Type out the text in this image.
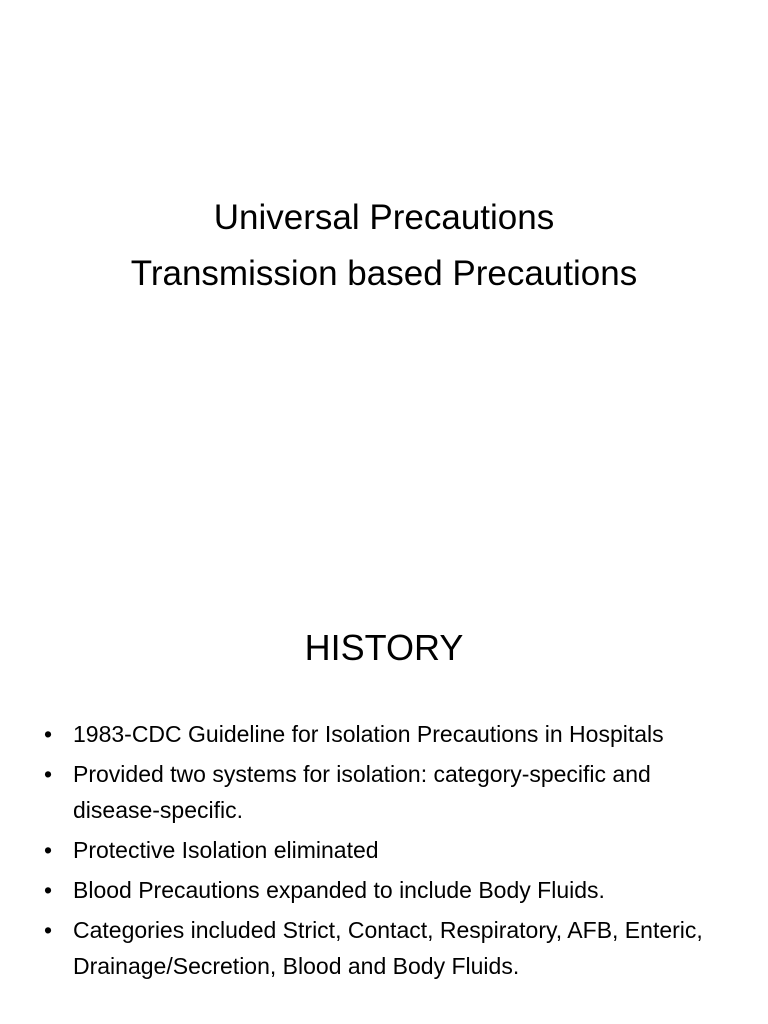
Universal Precautions
Transmission based Precautions
HISTORY
• 1983-CDC Guideline for Isolation Precautions in Hospitals
• Provided two systems for isolation: category-specific and disease-specific.
• Protective Isolation eliminated
• Blood Precautions expanded to include Body Fluids.
• Categories included Strict, Contact, Respiratory, AFB, Enteric, Drainage/Secretion, Blood and Body Fluids.
